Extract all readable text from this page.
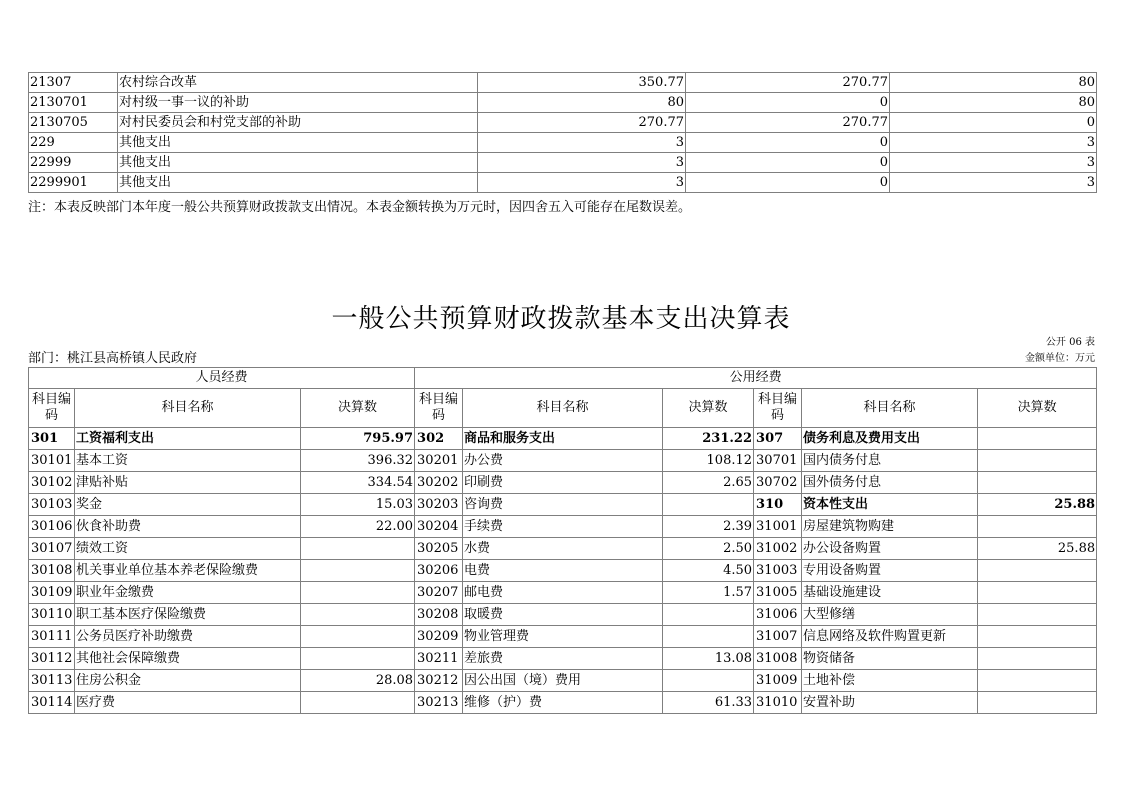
21307	农村综合改革	350.77	270.77	80
2130701	对村级一事一议的补助	80	0	80
2130705	对村民委员会和村党支部的补助	270.77	270.77	0
229	其他支出	3	0	3
22999	其他支出	3	0	3
2299901	其他支出	3	0	3
注：本表反映部门本年度一般公共预算财政拨款支出情况。本表金额转换为万元时，因四舍五入可能存在尾数误差。
一般公共预算财政拨款基本支出决算表
公开 06 表
部门：桃江县高桥镇人民政府	金额单位：万元
人员经费			公用经费					
科目编码	科目名称	决算数	科目编码	科目名称	决算数	科目编码	科目名称	决算数
301	工资福利支出	795.97	302	商品和服务支出	231.22	307	债务利息及费用支出	
30101	基本工资	396.32	30201	办公费	108.12	30701	国内债务付息	
30102	津贴补贴	334.54	30202	印刷费	2.65	30702	国外债务付息	
30103	奖金	15.03	30203	咨询费		310	资本性支出	25.88
30106	伙食补助费	22.00	30204	手续费	2.39	31001	房屋建筑物购建	
30107	绩效工资		30205	水费	2.50	31002	办公设备购置	25.88
30108	机关事业单位基本养老保险缴费		30206	电费	4.50	31003	专用设备购置	
30109	职业年金缴费		30207	邮电费	1.57	31005	基础设施建设	
30110	职工基本医疗保险缴费		30208	取暖费		31006	大型修缮	
30111	公务员医疗补助缴费		30209	物业管理费		31007	信息网络及软件购置更新	
30112	其他社会保障缴费		30211	差旅费	13.08	31008	物资储备	
30113	住房公积金	28.08	30212	因公出国（境）费用		31009	土地补偿	
30114	医疗费		30213	维修（护）费	61.33	31010	安置补助	
